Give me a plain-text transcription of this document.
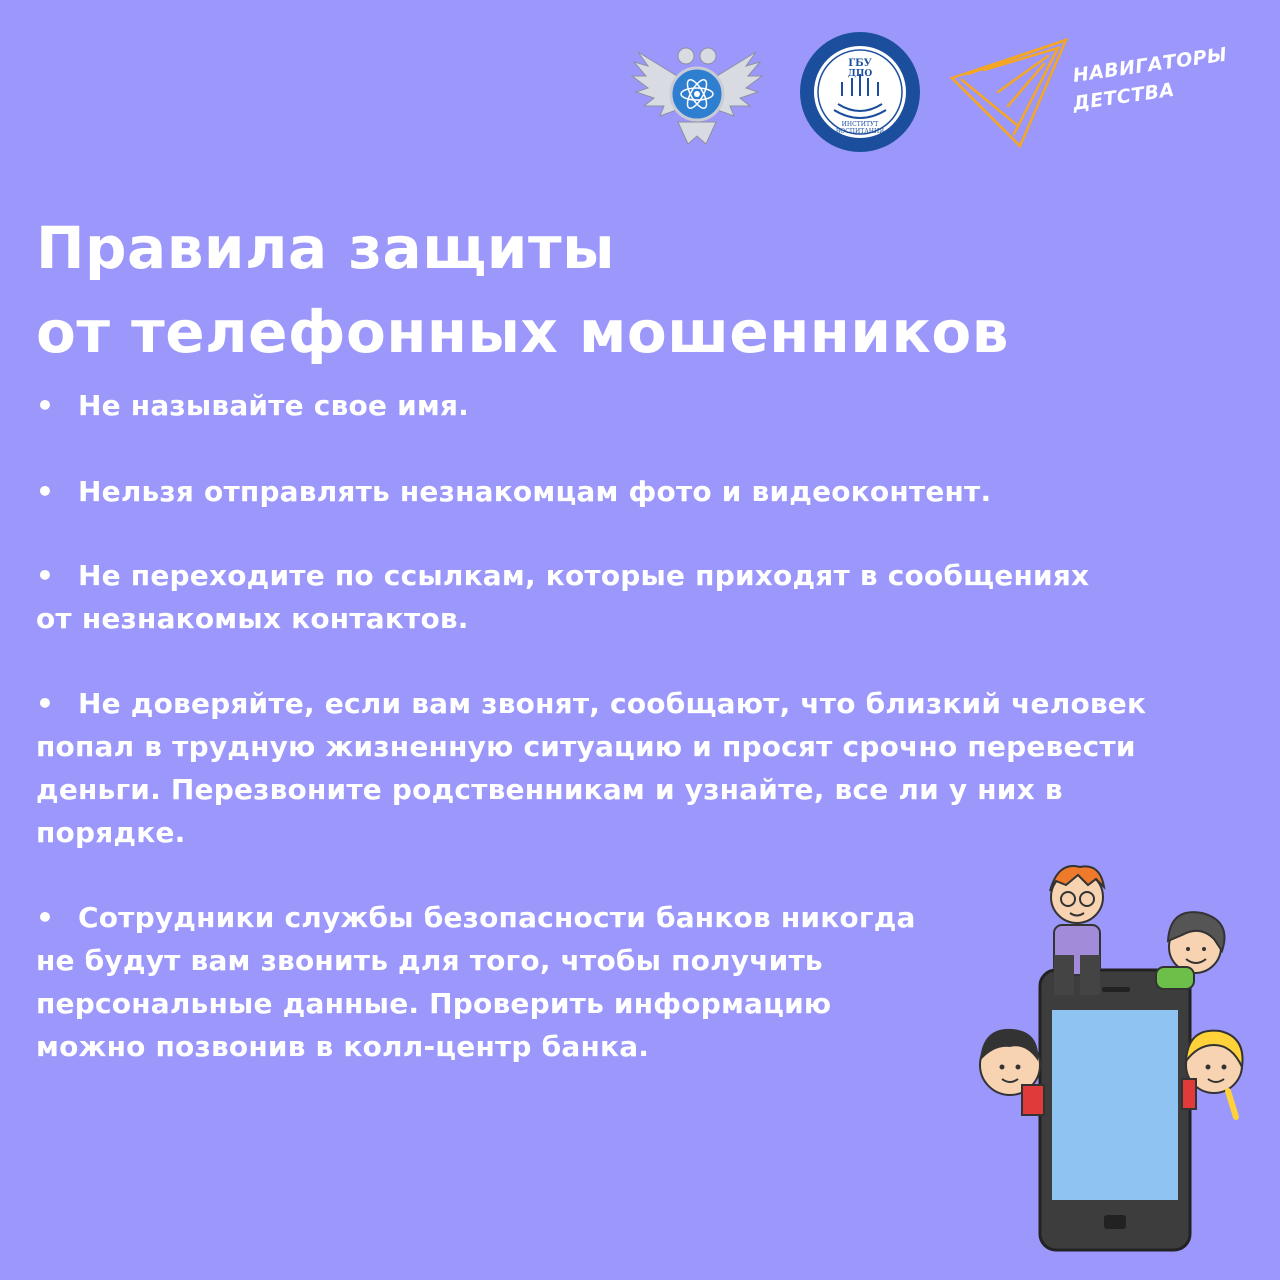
ГБУ
ДПО
ИНСТИТУТ
ВОСПИТАНИЯ
НАВИГАТОРЫ
ДЕТСТВА
Правила защиты
от телефонных мошенников

• Не называйте свое имя.

• Нельзя отправлять незнакомцам фото и видеоконтент.

• Не переходите по ссылкам, которые приходят в сообщениях от незнакомых контактов.

• Не доверяйте, если вам звонят, сообщают, что близкий человек попал в трудную жизненную ситуацию и просят срочно перевести деньги. Перезвоните родственникам и узнайте, все ли у них в порядке.

• Сотрудники службы безопасности банков никогда не будут вам звонить для того, чтобы получить персональные данные. Проверить информацию можно позвонив в колл-центр банка.
